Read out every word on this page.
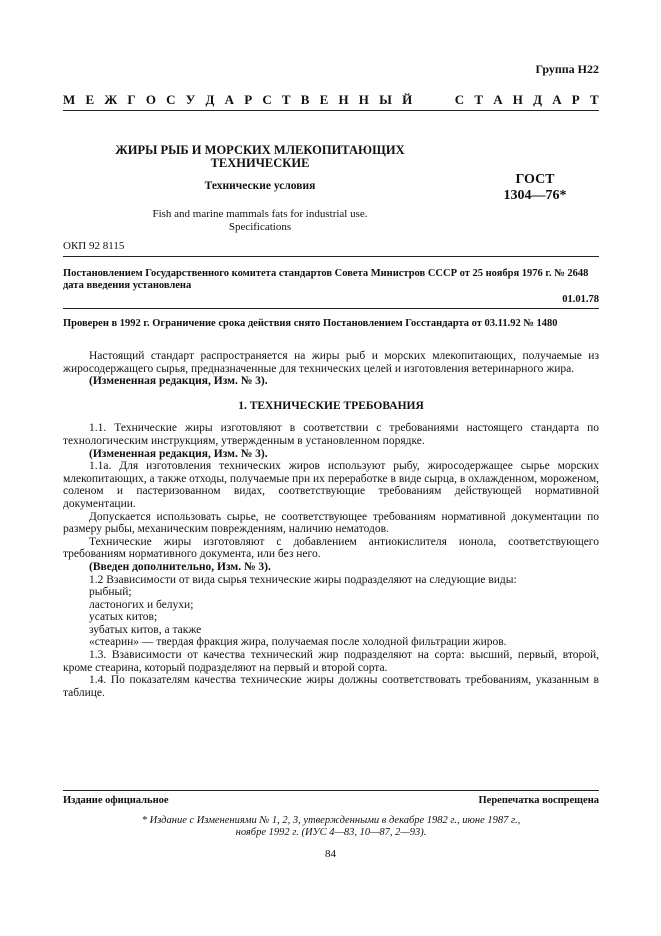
Группа Н22
М Е Ж Г О С У Д А Р С Т В Е Н Н Ы Й	С Т А Н Д А Р Т
ЖИРЫ РЫБ И МОРСКИХ МЛЕКОПИТАЮЩИХ
ТЕХНИЧЕСКИЕ
Технические условия	ГОСТ
1304—76*
Fish and marine mammals fats for industrial use.
Specifications
ОКП 92 8115
Постановлением Государственного комитета стандартов Совета Министров СССР от 25 ноября 1976 г. № 2648
дата введения установлена
01.01.78
Проверен в 1992 г. Ограничение срока действия снято Постановлением Госстандарта от 03.11.92 № 1480

Настоящий стандарт распространяется на жиры рыб и морских млекопитающих, получаемые из жиросодержащего сырья, предназначенные для технических целей и изготовления ветеринарного жира.

(Измененная редакция, Изм. № 3).

1. ТЕХНИЧЕСКИЕ ТРЕБОВАНИЯ

1.1. Технические жиры изготовляют в соответствии с требованиями настоящего стандарта по технологическим инструкциям, утвержденным в установленном порядке.

(Измененная редакция, Изм. № 3).

1.1а. Для изготовления технических жиров используют рыбу, жиросодержащее сырье морских млекопитающих, а также отходы, получаемые при их переработке в виде сырца, в охлажденном, мороженом, соленом и пастеризованном видах, соответствующие требованиям действующей нормативной документации.

Допускается использовать сырье, не соответствующее требованиям нормативной документации по размеру рыбы, механическим повреждениям, наличию нематодов.

Технические жиры изготовляют с добавлением антиокислителя ионола, соответствующего требованиям нормативного документа, или без него.

(Введен дополнительно, Изм. № 3).

1.2 Взависимости от вида сырья технические жиры подразделяют на следующие виды:

рыбный;

ластоногих и белухи;

усатых китов;

зубатых китов, а также

«стеарин» — твердая фракция жира, получаемая после холодной фильтрации жиров.

1.3. Взависимости от качества технический жир подразделяют на сорта: высший, первый, второй, кроме стеарина, который подразделяют на первый и второй сорта.

1.4. По показателям качества технические жиры должны соответствовать требованиям, указанным в таблице.

Издание официальное	Перепечатка воспрещена
* Издание с Изменениями № 1, 2, 3, утвержденными в декабре 1982 г., июне 1987 г.,
ноябре 1992 г. (ИУС 4—83, 10—87, 2—93).
84
